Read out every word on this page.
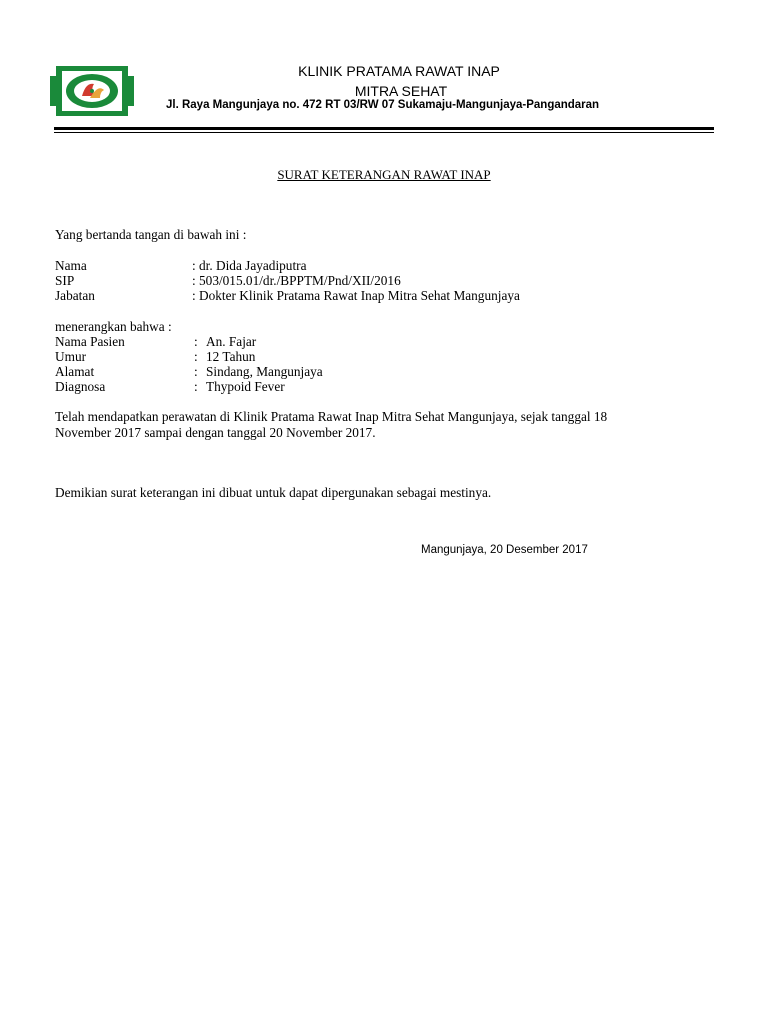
KLINIK PRATAMA RAWAT INAP
MITRA SEHAT
Jl. Raya Mangunjaya no. 472 RT 03/RW 07 Sukamaju-Mangunjaya-Pangandaran
SURAT KETERANGAN RAWAT INAP
Yang bertanda tangan di bawah ini :
Nama	: dr. Dida Jayadiputra
SIP	: 503/015.01/dr./BPPTM/Pnd/XII/2016
Jabatan	: Dokter Klinik Pratama Rawat Inap Mitra Sehat Mangunjaya
menerangkan bahwa :
Nama Pasien	: An. Fajar
Umur	: 12 Tahun
Alamat	: Sindang, Mangunjaya
Diagnosa	: Thypoid Fever
Telah mendapatkan perawatan di Klinik Pratama Rawat Inap Mitra Sehat Mangunjaya, sejak tanggal 18
November 2017 sampai dengan tanggal 20 November 2017.
Demikian surat keterangan ini dibuat untuk dapat dipergunakan sebagai mestinya.
Mangunjaya, 20 Desember 2017
